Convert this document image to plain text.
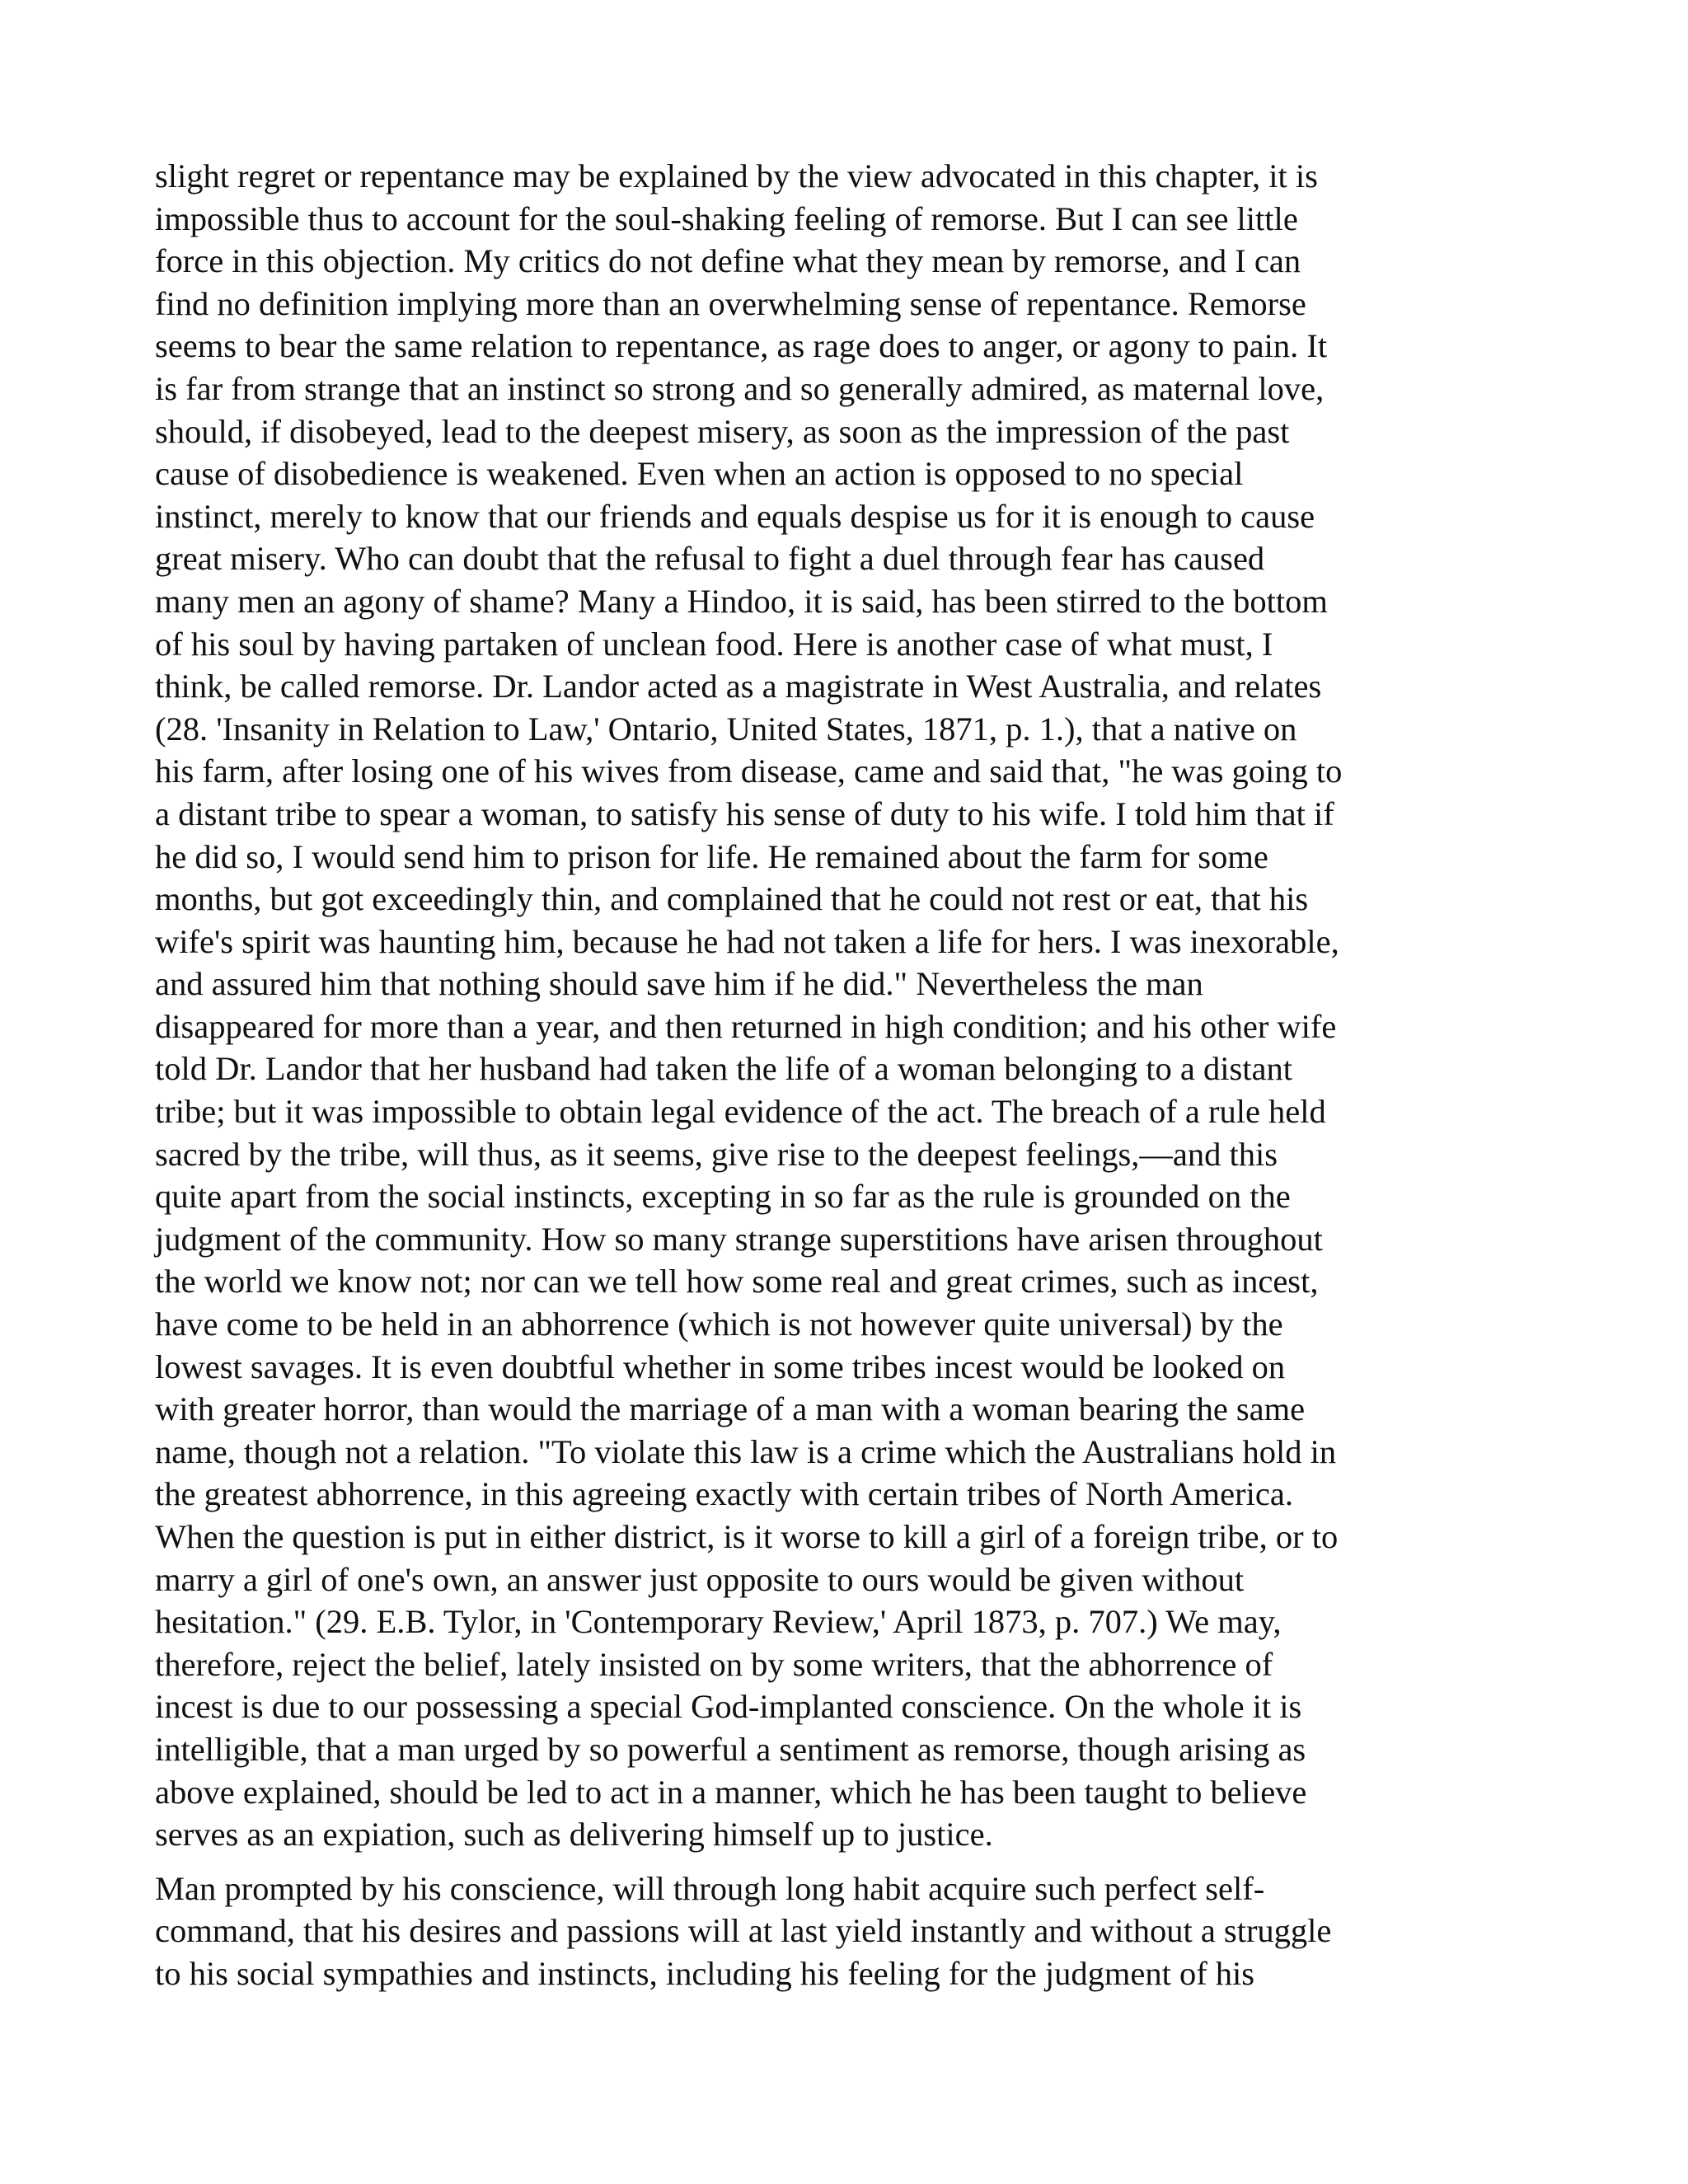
slight regret or repentance may be explained by the view advocated in this chapter, it is
impossible thus to account for the soul-shaking feeling of remorse. But I can see little
force in this objection. My critics do not define what they mean by remorse, and I can
find no definition implying more than an overwhelming sense of repentance. Remorse
seems to bear the same relation to repentance, as rage does to anger, or agony to pain. It
is far from strange that an instinct so strong and so generally admired, as maternal love,
should, if disobeyed, lead to the deepest misery, as soon as the impression of the past
cause of disobedience is weakened. Even when an action is opposed to no special
instinct, merely to know that our friends and equals despise us for it is enough to cause
great misery. Who can doubt that the refusal to fight a duel through fear has caused
many men an agony of shame? Many a Hindoo, it is said, has been stirred to the bottom
of his soul by having partaken of unclean food. Here is another case of what must, I
think, be called remorse. Dr. Landor acted as a magistrate in West Australia, and relates
(28. 'Insanity in Relation to Law,' Ontario, United States, 1871, p. 1.), that a native on
his farm, after losing one of his wives from disease, came and said that, "he was going to
a distant tribe to spear a woman, to satisfy his sense of duty to his wife. I told him that if
he did so, I would send him to prison for life. He remained about the farm for some
months, but got exceedingly thin, and complained that he could not rest or eat, that his
wife's spirit was haunting him, because he had not taken a life for hers. I was inexorable,
and assured him that nothing should save him if he did." Nevertheless the man
disappeared for more than a year, and then returned in high condition; and his other wife
told Dr. Landor that her husband had taken the life of a woman belonging to a distant
tribe; but it was impossible to obtain legal evidence of the act. The breach of a rule held
sacred by the tribe, will thus, as it seems, give rise to the deepest feelings,—and this
quite apart from the social instincts, excepting in so far as the rule is grounded on the
judgment of the community. How so many strange superstitions have arisen throughout
the world we know not; nor can we tell how some real and great crimes, such as incest,
have come to be held in an abhorrence (which is not however quite universal) by the
lowest savages. It is even doubtful whether in some tribes incest would be looked on
with greater horror, than would the marriage of a man with a woman bearing the same
name, though not a relation. "To violate this law is a crime which the Australians hold in
the greatest abhorrence, in this agreeing exactly with certain tribes of North America.
When the question is put in either district, is it worse to kill a girl of a foreign tribe, or to
marry a girl of one's own, an answer just opposite to ours would be given without
hesitation." (29. E.B. Tylor, in 'Contemporary Review,' April 1873, p. 707.) We may,
therefore, reject the belief, lately insisted on by some writers, that the abhorrence of
incest is due to our possessing a special God-implanted conscience. On the whole it is
intelligible, that a man urged by so powerful a sentiment as remorse, though arising as
above explained, should be led to act in a manner, which he has been taught to believe
serves as an expiation, such as delivering himself up to justice.

Man prompted by his conscience, will through long habit acquire such perfect self-
command, that his desires and passions will at last yield instantly and without a struggle
to his social sympathies and instincts, including his feeling for the judgment of his
